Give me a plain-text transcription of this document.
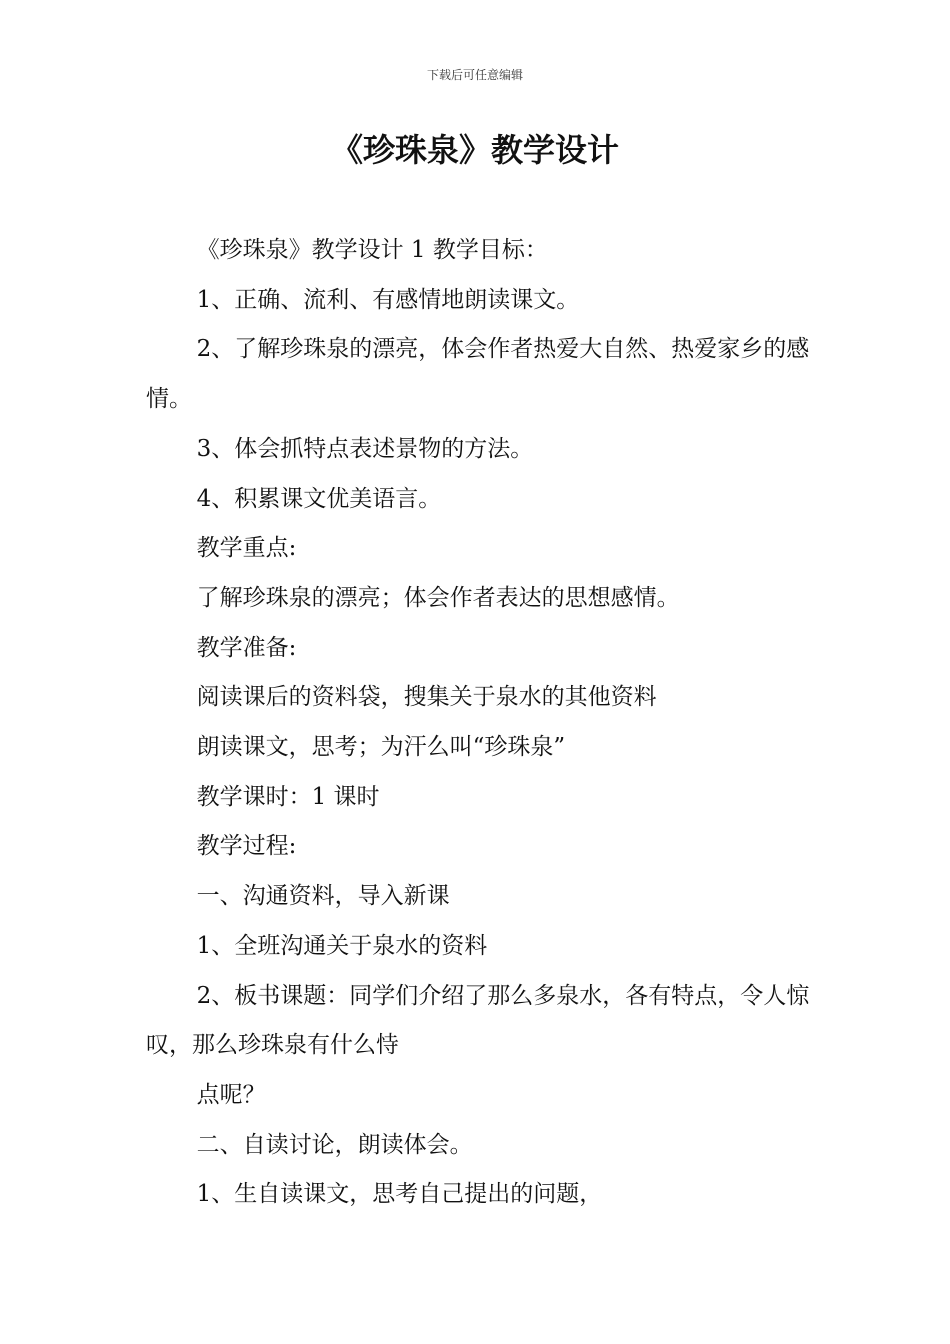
下载后可任意编辑
《珍珠泉》教学设计

《珍珠泉》教学设计 1 教学目标：

1、正确、流利、有感情地朗读课文。

2、了解珍珠泉的漂亮，体会作者热爱大自然、热爱家乡的感情。

3、体会抓特点表述景物的方法。

4、积累课文优美语言。

教学重点:

了解珍珠泉的漂亮；体会作者表达的思想感情。

教学准备:

阅读课后的资料袋，搜集关于泉水的其他资料

朗读课文，思考；为汗么叫“珍珠泉”

教学课时：1 课时

教学过程:

一、沟通资料，导入新课

1、全班沟通关于泉水的资料

2、板书课题：同学们介绍了那么多泉水，各有特点，令人惊叹，那么珍珠泉有什么恃

点呢？

二、自读讨论，朗读体会。

1、生自读课文，思考自己提出的问题，
